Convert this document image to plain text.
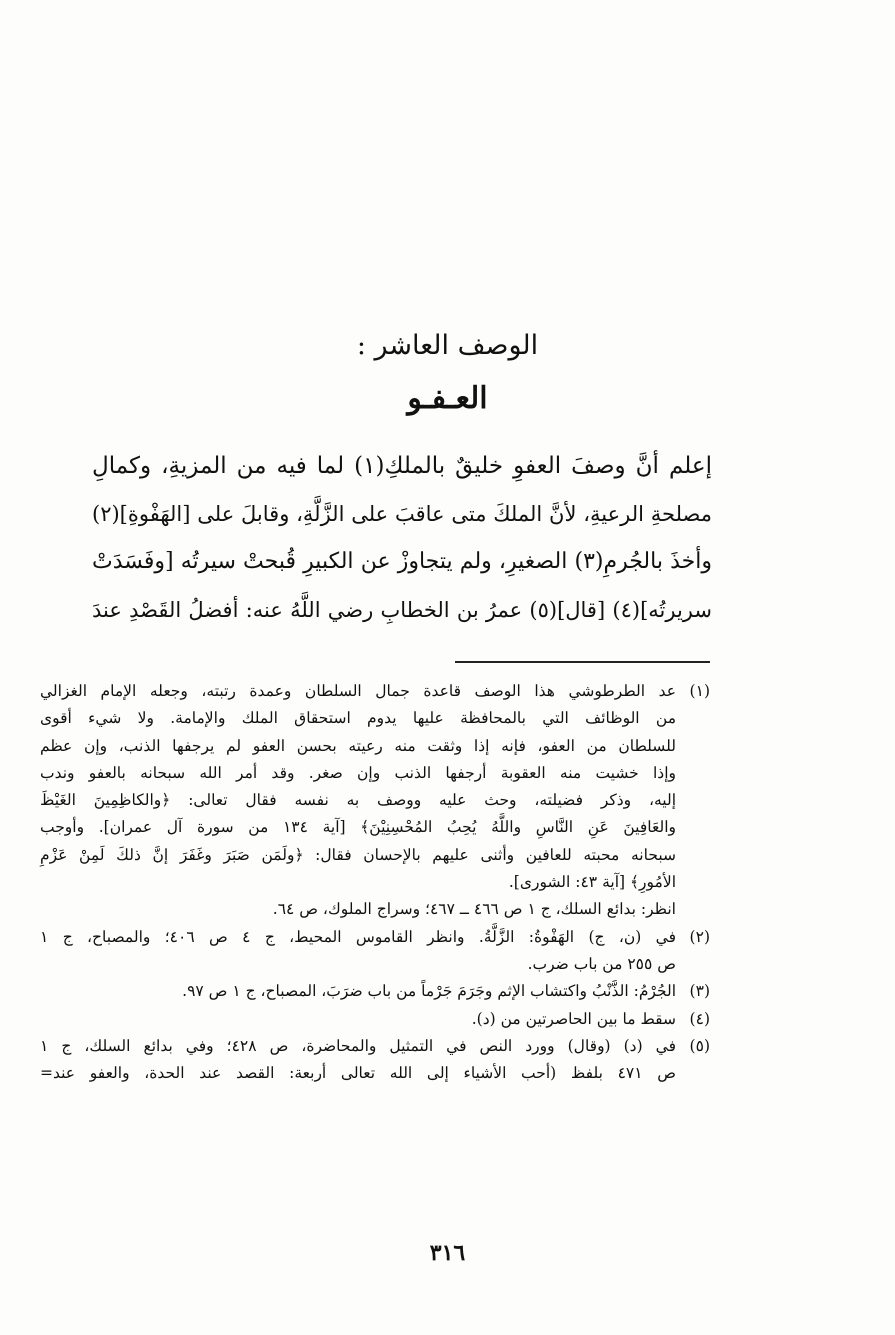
الوصف العاشر :
العـفـو

إعلم أنَّ وصفَ العفوِ خليقٌ بالملكِ(١) لما فيه من المزيةِ، وكمالِ
مصلحةِ الرعيةِ، لأنَّ الملكَ متى عاقبَ على الزَّلَّةِ، وقابلَ على [الهَفْوةِ](٢)
وأخذَ بالجُرمِ(٣) الصغيرِ، ولم يتجاوزْ عن الكبيرِ قُبحتْ سيرتُه [وفَسَدَتْ
سريرتُه](٤) [قال](٥) عمرُ بن الخطابِ رضي اللَّهُ عنه: أفضلُ القَصْدِ عندَ

(١)
عد الطرطوشي هذا الوصف قاعدة جمال السلطان وعمدة رتبته، وجعله الإمام الغزالي
من الوظائف التي بالمحافظة عليها يدوم استحقاق الملك والإمامة. ولا شيء أقوى
للسلطان من العفو، فإنه إذا وثقت منه رعيته بحسن العفو لم يرجفها الذنب، وإن عظم
وإذا خشيت منه العقوبة أرجفها الذنب وإن صغر. وقد أمر الله سبحانه بالعفو وندب
إليه، وذكر فضيلته، وحث عليه ووصف به نفسه فقال تعالى: ﴿والكاظِمِينَ الغَيْظَ
والعَافِينَ عَنِ النَّاسِ واللَّهُ يُحِبُ المُحْسِنِيْنَ﴾ [آية ١٣٤ من سورة آل عمران]. وأوجب
سبحانه محبته للعافين وأثنى عليهم بالإحسان فقال: ﴿ولَمَن صَبَرَ وغَفَرَ إنَّ ذلكَ لَمِنْ عَزْمِ
الأمُورِ﴾ [آية ٤٣: الشورى].
انظر: بدائع السلك، ج ١ ص ٤٦٦ ــ ٤٦٧؛ وسراج الملوك، ص ٦٤.
(٢)
في (ن، ج) الهَفْوةُ: الزَّلَّةُ. وانظر القاموس المحيط، ج ٤ ص ٤٠٦؛ والمصباح، ج ١
ص ٢٥٥ من باب ضرب.
(٣)
الجُرْمُ: الذَّنْبُ واكتشاب الإثم وجَرَمَ جَرْماً من باب ضرَبَ، المصباح، ج ١ ص ٩٧.
(٤)
سقط ما بين الحاصرتين من (د).
(٥)
في (د) (وقال) وورد النص في التمثيل والمحاضرة، ص ٤٢٨؛ وفي بدائع السلك، ج ١
ص ٤٧١ بلفظ (أحب الأشياء إلى الله تعالى أربعة: القصد عند الحدة، والعفو عند=
٣١٦
